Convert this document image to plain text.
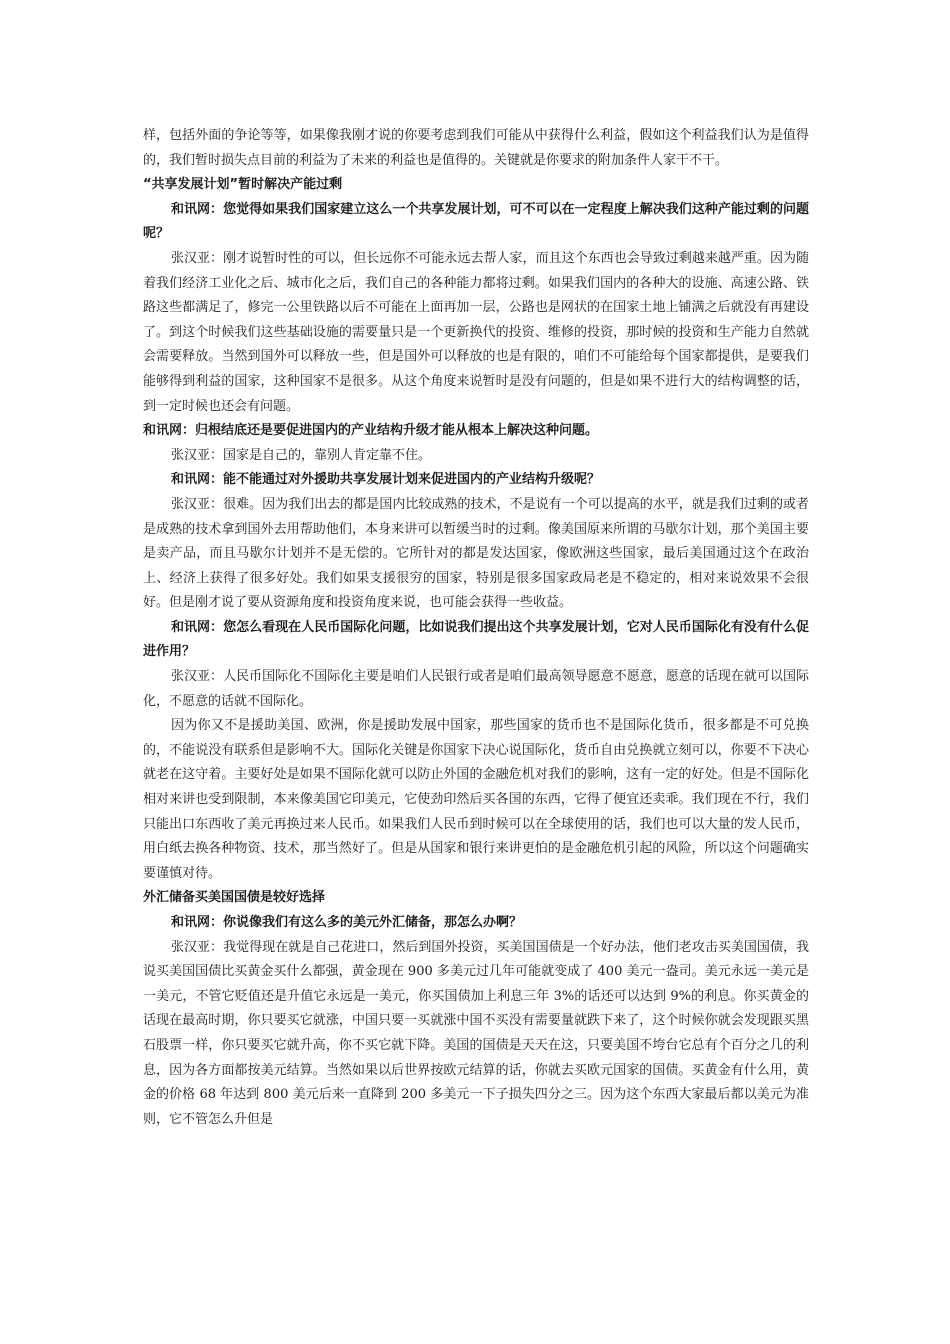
样，包括外面的争论等等，如果像我刚才说的你要考虑到我们可能从中获得什么利益，假如这个利益我们认为是值得的，我们暂时损失点目前的利益为了未来的利益也是值得的。关键就是你要求的附加条件人家干不干。

“共享发展计划”暂时解决产能过剩

和讯网：您觉得如果我们国家建立这么一个共享发展计划，可不可以在一定程度上解决我们这种产能过剩的问题呢？

张汉亚：刚才说暂时性的可以，但长远你不可能永远去帮人家，而且这个东西也会导致过剩越来越严重。因为随着我们经济工业化之后、城市化之后，我们自己的各种能力都将过剩。如果我们国内的各种大的设施、高速公路、铁路这些都满足了，修完一公里铁路以后不可能在上面再加一层，公路也是网状的在国家土地上铺满之后就没有再建设了。到这个时候我们这些基础设施的需要量只是一个更新换代的投资、维修的投资，那时候的投资和生产能力自然就会需要释放。当然到国外可以释放一些，但是国外可以释放的也是有限的，咱们不可能给每个国家都提供，是要我们能够得到利益的国家，这种国家不是很多。从这个角度来说暂时是没有问题的，但是如果不进行大的结构调整的话，到一定时候也还会有问题。

和讯网：归根结底还是要促进国内的产业结构升级才能从根本上解决这种问题。

张汉亚：国家是自己的，靠别人肯定靠不住。

和讯网：能不能通过对外援助共享发展计划来促进国内的产业结构升级呢？

张汉亚：很难。因为我们出去的都是国内比较成熟的技术，不是说有一个可以提高的水平，就是我们过剩的或者是成熟的技术拿到国外去用帮助他们，本身来讲可以暂缓当时的过剩。像美国原来所谓的马歇尔计划，那个美国主要是卖产品，而且马歇尔计划并不是无偿的。它所针对的都是发达国家，像欧洲这些国家，最后美国通过这个在政治上、经济上获得了很多好处。我们如果支援很穷的国家，特别是很多国家政局老是不稳定的，相对来说效果不会很好。但是刚才说了要从资源角度和投资角度来说，也可能会获得一些收益。

和讯网：您怎么看现在人民币国际化问题，比如说我们提出这个共享发展计划，它对人民币国际化有没有什么促进作用？

张汉亚：人民币国际化不国际化主要是咱们人民银行或者是咱们最高领导愿意不愿意，愿意的话现在就可以国际化，不愿意的话就不国际化。

因为你又不是援助美国、欧洲，你是援助发展中国家，那些国家的货币也不是国际化货币，很多都是不可兑换的，不能说没有联系但是影响不大。国际化关键是你国家下决心说国际化，货币自由兑换就立刻可以，你要不下决心就老在这守着。主要好处是如果不国际化就可以防止外国的金融危机对我们的影响，这有一定的好处。但是不国际化相对来讲也受到限制，本来像美国它印美元，它使劲印然后买各国的东西，它得了便宜还卖乖。我们现在不行，我们只能出口东西收了美元再换过来人民币。如果我们人民币到时候可以在全球使用的话，我们也可以大量的发人民币，用白纸去换各种物资、技术，那当然好了。但是从国家和银行来讲更怕的是金融危机引起的风险，所以这个问题确实要谨慎对待。

外汇储备买美国国债是较好选择

和讯网：你说像我们有这么多的美元外汇储备，那怎么办啊？

张汉亚：我觉得现在就是自己花进口，然后到国外投资，买美国国债是一个好办法，他们老攻击买美国国债，我说买美国国债比买黄金买什么都强，黄金现在 900 多美元过几年可能就变成了 400 美元一盎司。美元永远一美元是一美元，不管它贬值还是升值它永远是一美元，你买国债加上利息三年 3%的话还可以达到 9%的利息。你买黄金的话现在最高时期，你只要买它就涨，中国只要一买就涨中国不买没有需要量就跌下来了，这个时候你就会发现跟买黑石股票一样，你只要买它就升高，你不买它就下降。美国的国债是天天在这，只要美国不垮台它总有个百分之几的利息，因为各方面都按美元结算。当然如果以后世界按欧元结算的话，你就去买欧元国家的国债。买黄金有什么用，黄金的价格 68 年达到 800 美元后来一直降到 200 多美元一下子损失四分之三。因为这个东西大家最后都以美元为准则，它不管怎么升但是
